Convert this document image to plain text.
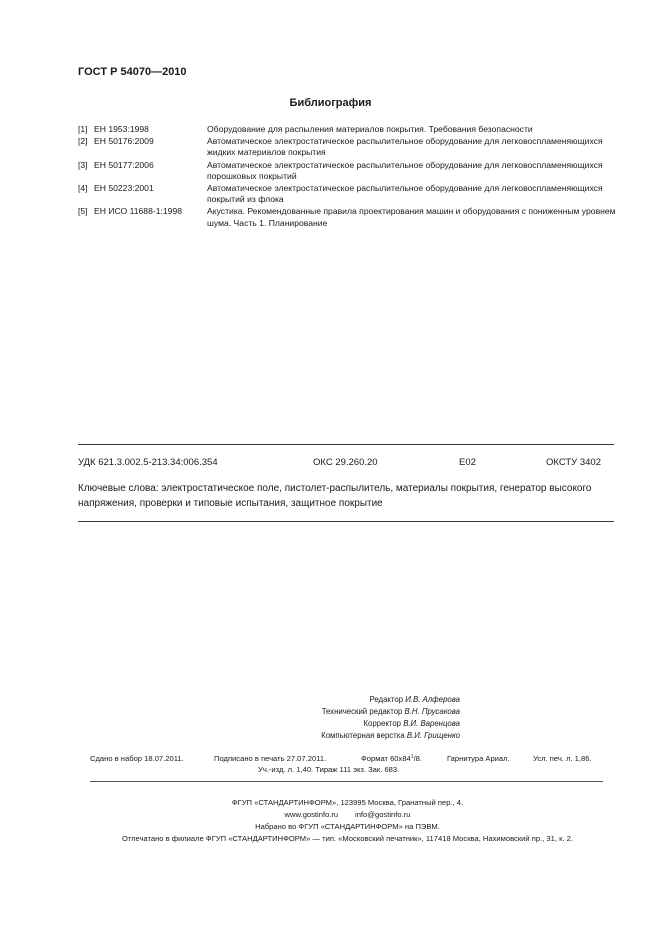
ГОСТ Р 54070—2010
Библиография
[1] ЕН 1953:1998	Оборудование для распыления материалов покрытия. Требования безопасности
[2] ЕН 50176:2009	Автоматическое электростатическое распылительное оборудование для легковоспламеняющихся жидких материалов покрытия
[3] ЕН 50177:2006	Автоматическое электростатическое распылительное оборудование для легковоспламеняющихся порошковых покрытий
[4] ЕН 50223:2001	Автоматическое электростатическое распылительное оборудование для легковоспламеняющихся покрытий из флока
[5] ЕН ИСО 11688-1:1998	Акустика. Рекомендованные правила проектирования машин и оборудования с пониженным уровнем шума. Часть 1. Планирование
УДК 621.3.002.5-213.34:006.354	ОКС 29.260.20	Е02	ОКСТУ 3402
Ключевые слова: электростатическое поле, пистолет-распылитель, материалы покрытия, генератор высокого напряжения, проверки и типовые испытания, защитное покрытие
Редактор И.В. Алферова
Технический редактор В.Н. Прусакова
Корректор В.И. Варенцова
Компьютерная верстка В.И. Грищенко
Сдано в набор 18.07.2011.	Подписано в печать 27.07.2011.	Формат $60х84^1/8$.	Гарнитура Ариал.	Усл. печ. л. 1,86.
Уч.-изд. л. 1,40. Тираж 111 экз. Зак. 683.
ФГУП «СТАНДАРТИНФОРМ», 123995 Москва, Гранатный пер., 4.
www.gostinfo.ru        info@gostinfo.ru
Набрано во ФГУП «СТАНДАРТИНФОРМ» на ПЭВМ.
Отпечатано в филиале ФГУП «СТАНДАРТИНФОРМ» — тип. «Московский печатник», 117418 Москва, Нахимовский пр., 31, к. 2.
